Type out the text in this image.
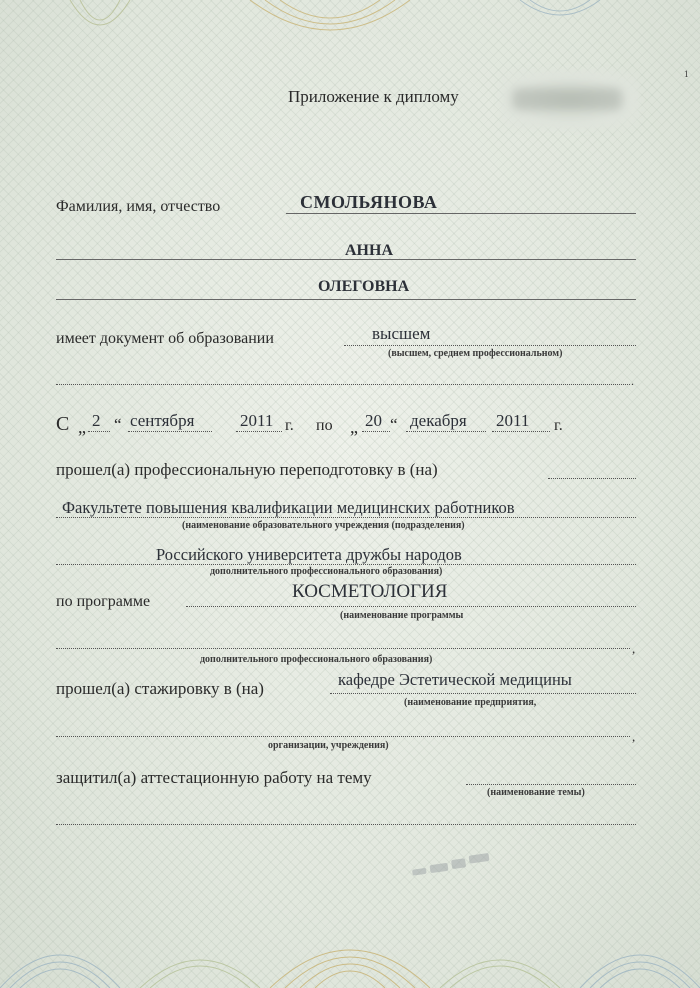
1
Приложение к диплому
Фамилия, имя, отчество	СМОЛЬЯНОВА
АННА
ОЛЕГОВНА
имеет документ об образовании	высшем
(высшем, среднем профессиональном)
.
С „ 2 “ сентября	2011 г. по „ 20 “ декабря 2011 г.
прошел(а) профессиональную переподготовку в (на)
Факультете повышения квалификации медицинских работников
(наименование образовательного учреждения (подразделения)
Российского университета дружбы народов
дополнительного профессионального образования)
по программе	КОСМЕТОЛОГИЯ
(наименование программы
,
дополнительного профессионального образования)
прошел(а) стажировку в (на)	кафедре Эстетической медицины
(наименование предприятия,
,
организации, учреждения)
защитил(а) аттестационную работу на тему
(наименование темы)
